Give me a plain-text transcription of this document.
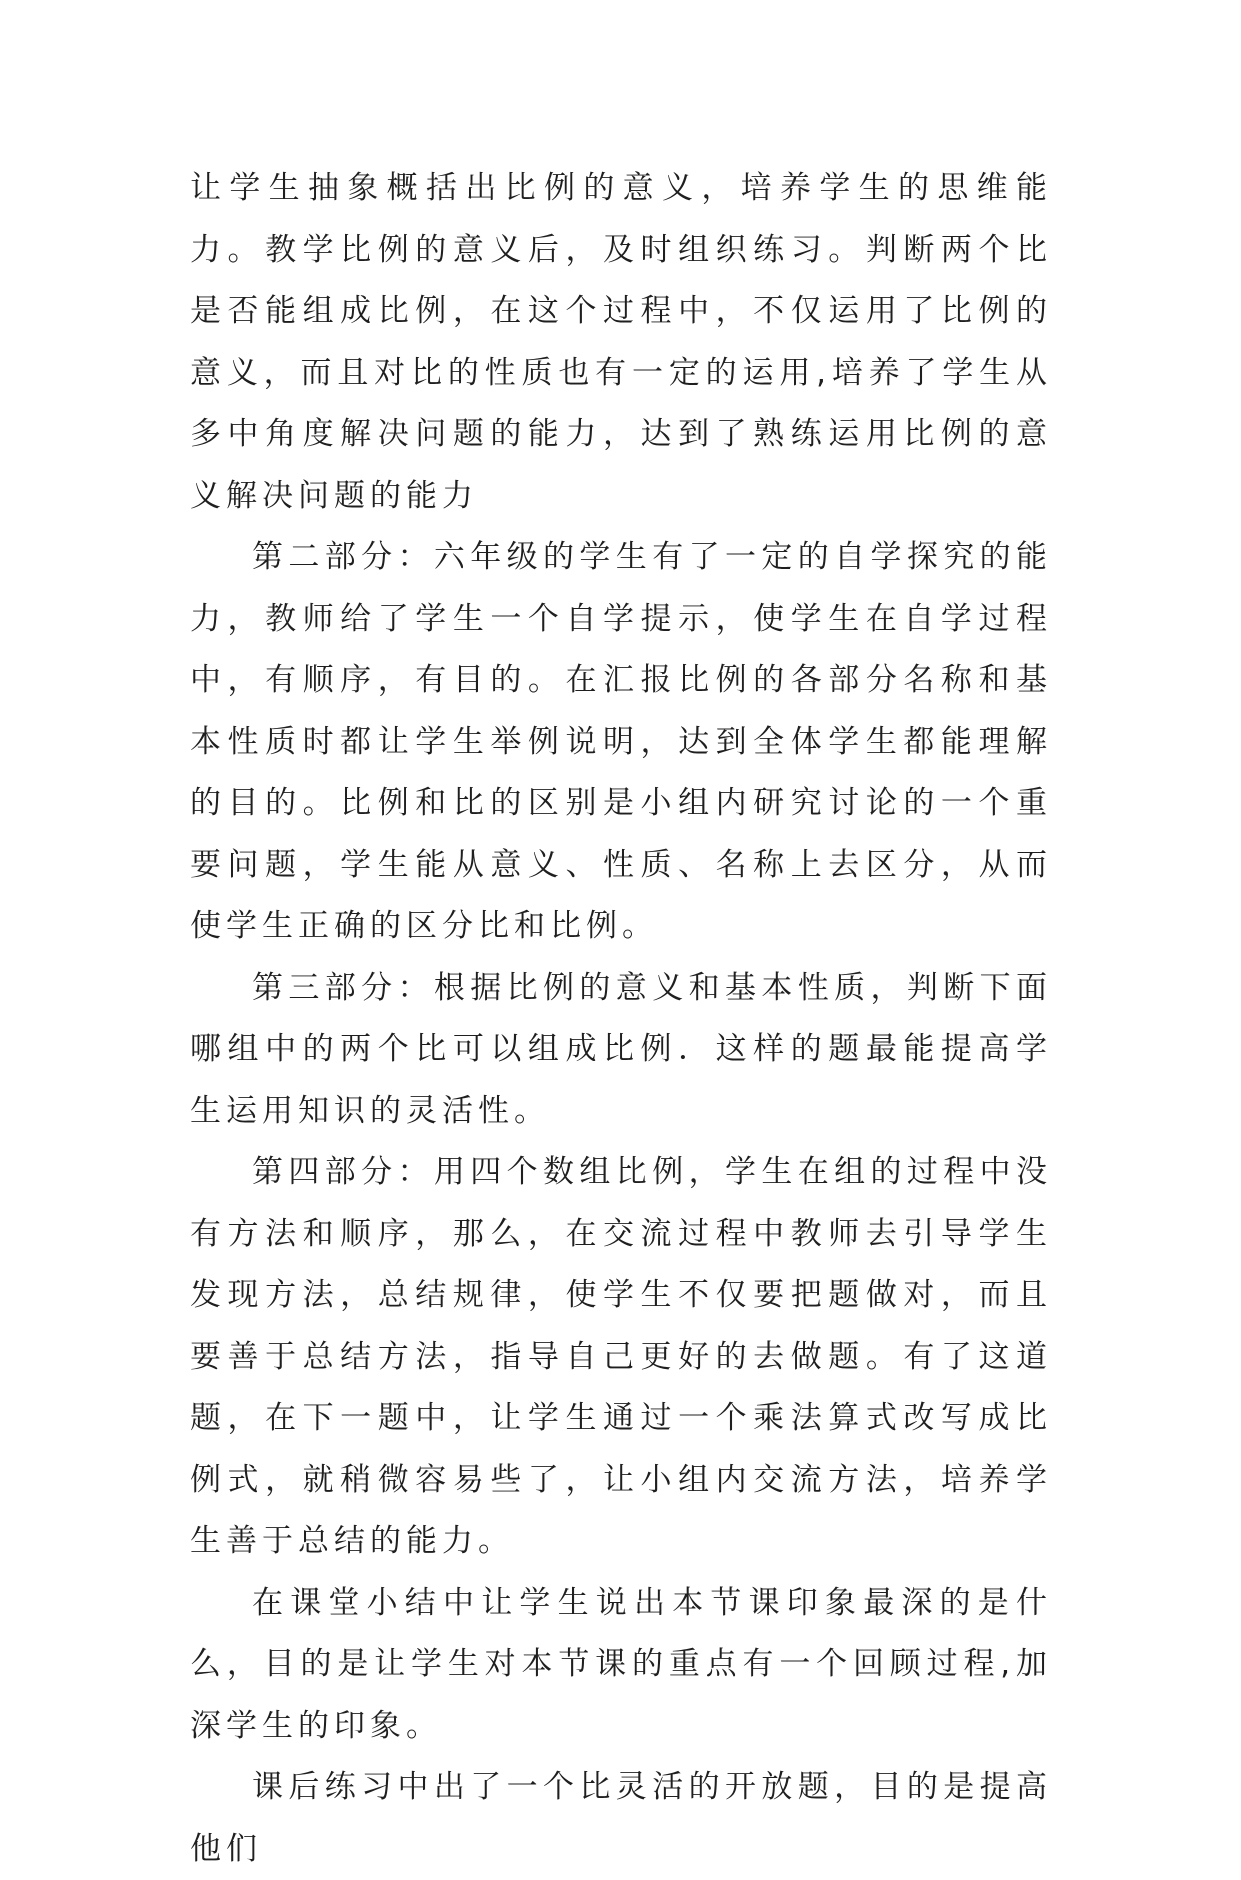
让学生抽象概括出比例的意义，培养学生的思维能力。教学比例的意义后，及时组织练习。判断两个比是否能组成比例，在这个过程中，不仅运用了比例的意义，而且对比的性质也有一定的运用,培养了学生从多中角度解决问题的能力，达到了熟练运用比例的意义解决问题的能力

第二部分：六年级的学生有了一定的自学探究的能力，教师给了学生一个自学提示，使学生在自学过程中，有顺序，有目的。在汇报比例的各部分名称和基本性质时都让学生举例说明，达到全体学生都能理解的目的。比例和比的区别是小组内研究讨论的一个重要问题，学生能从意义、性质、名称上去区分，从而使学生正确的区分比和比例。

第三部分：根据比例的意义和基本性质，判断下面哪组中的两个比可以组成比例．这样的题最能提高学生运用知识的灵活性。

第四部分：用四个数组比例，学生在组的过程中没有方法和顺序，那么，在交流过程中教师去引导学生发现方法，总结规律，使学生不仅要把题做对，而且要善于总结方法，指导自己更好的去做题。有了这道题，在下一题中，让学生通过一个乘法算式改写成比例式，就稍微容易些了，让小组内交流方法，培养学生善于总结的能力。

在课堂小结中让学生说出本节课印象最深的是什么，目的是让学生对本节课的重点有一个回顾过程,加深学生的印象。

课后练习中出了一个比灵活的开放题，目的是提高他们
